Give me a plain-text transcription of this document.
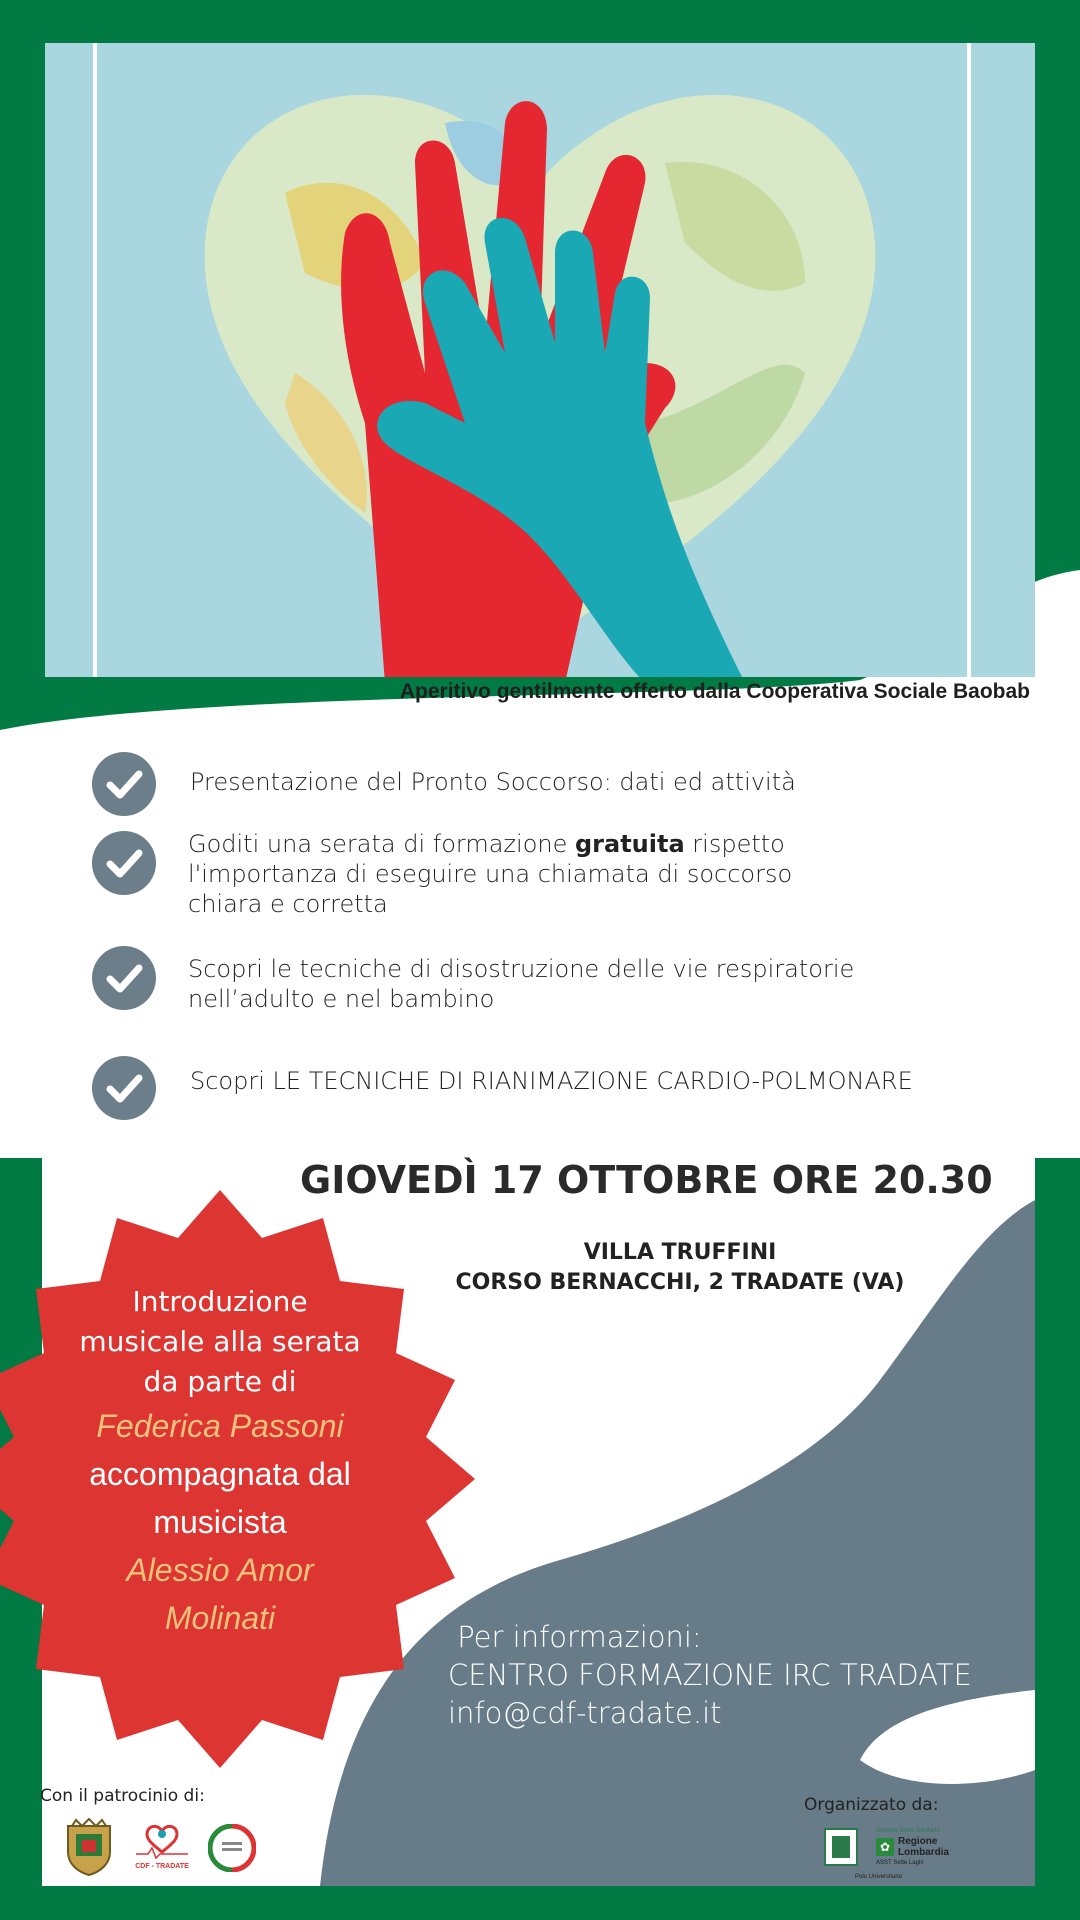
Aperitivo gentilmente offerto dalla Cooperativa Sociale Baobab
Presentazione del Pronto Soccorso: dati ed attività
Goditi una serata di formazione gratuita rispetto
l'importanza di eseguire una chiamata di soccorso
chiara e corretta
Scopri le tecniche di disostruzione delle vie respiratorie
nell’adulto e nel bambino
Scopri LE TECNICHE DI RIANIMAZIONE CARDIO-POLMONARE
GIOVEDÌ 17 OTTOBRE ORE 20.30
VILLA TRUFFINI
CORSO BERNACCHI, 2 TRADATE (VA)
Introduzione
musicale alla serata
da parte di
Federica Passoni
accompagnata dal
musicista
Alessio Amor
Molinati
Per informazioni:
CENTRO FORMAZIONE IRC TRADATE
info@cdf-tradate.it
Con il patrocinio di:	Organizzato da:
CDF - TRADATE
Sistema Socio Sanitario
✿ Regione
Lombardia
ASST Sette Laghi
Polo Universitario
